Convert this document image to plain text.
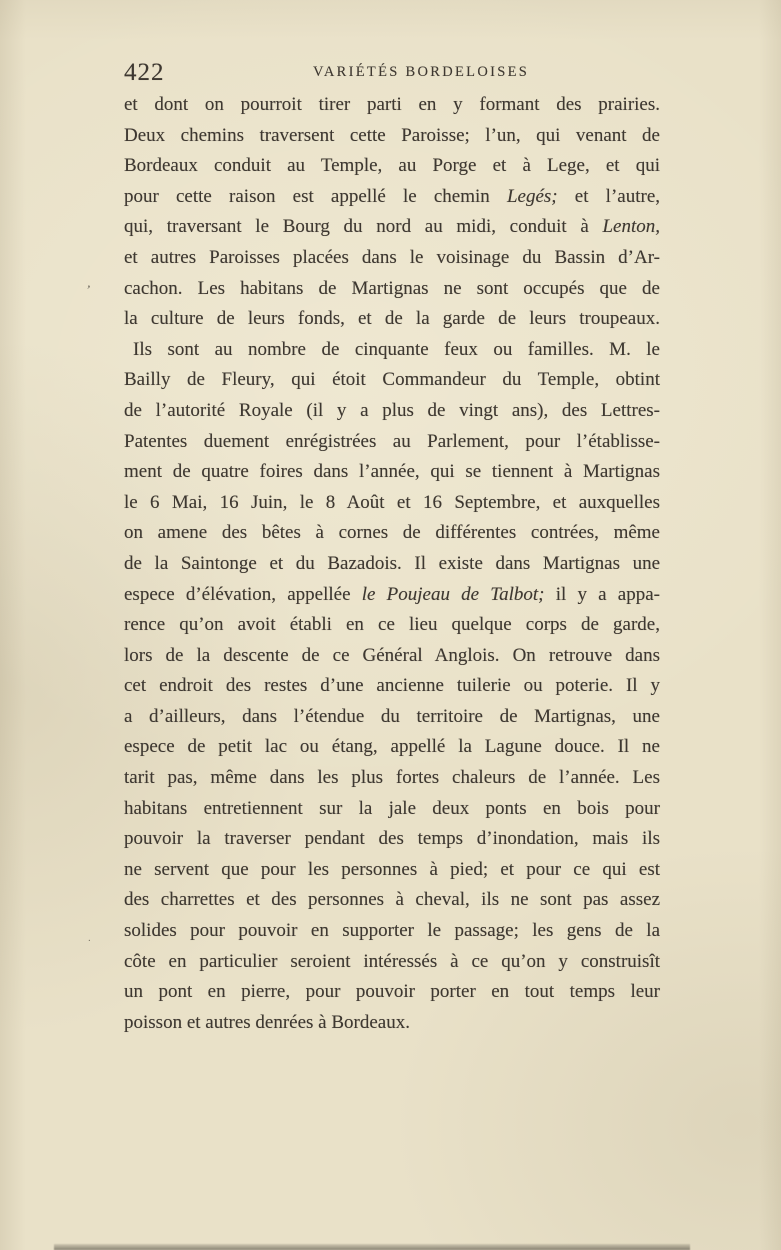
422	VARIÉTÉS BORDELOISES
et dont on pourroit tirer parti en y formant des prairies.
Deux chemins traversent cette Paroisse; l’un, qui venant de
Bordeaux conduit au Temple, au Porge et à Lege, et qui
pour cette raison est appellé le chemin Legés; et l’autre,
qui, traversant le Bourg du nord au midi, conduit à Lenton,
et autres Paroisses placées dans le voisinage du Bassin d’Ar-
cachon. Les habitans de Martignas ne sont occupés que de
la culture de leurs fonds, et de la garde de leurs troupeaux.
Ils sont au nombre de cinquante feux ou familles. M. le
Bailly de Fleury, qui étoit Commandeur du Temple, obtint
de l’autorité Royale (il y a plus de vingt ans), des Lettres-
Patentes duement enrégistrées au Parlement, pour l’établisse-
ment de quatre foires dans l’année, qui se tiennent à Martignas
le 6 Mai, 16 Juin, le 8 Août et 16 Septembre, et auxquelles
on amene des bêtes à cornes de différentes contrées, même
de la Saintonge et du Bazadois. Il existe dans Martignas une
espece d’élévation, appellée le Poujeau de Talbot; il y a appa-
rence qu’on avoit établi en ce lieu quelque corps de garde,
lors de la descente de ce Général Anglois. On retrouve dans
cet endroit des restes d’une ancienne tuilerie ou poterie. Il y
a d’ailleurs, dans l’étendue du territoire de Martignas, une
espece de petit lac ou étang, appellé la Lagune douce. Il ne
tarit pas, même dans les plus fortes chaleurs de l’année. Les
habitans entretiennent sur la jale deux ponts en bois pour
pouvoir la traverser pendant des temps d’inondation, mais ils
ne servent que pour les personnes à pied; et pour ce qui est
des charrettes et des personnes à cheval, ils ne sont pas assez
solides pour pouvoir en supporter le passage; les gens de la
côte en particulier seroient intéressés à ce qu’on y construisît
un pont en pierre, pour pouvoir porter en tout temps leur
poisson et autres denrées à Bordeaux.
’
.
